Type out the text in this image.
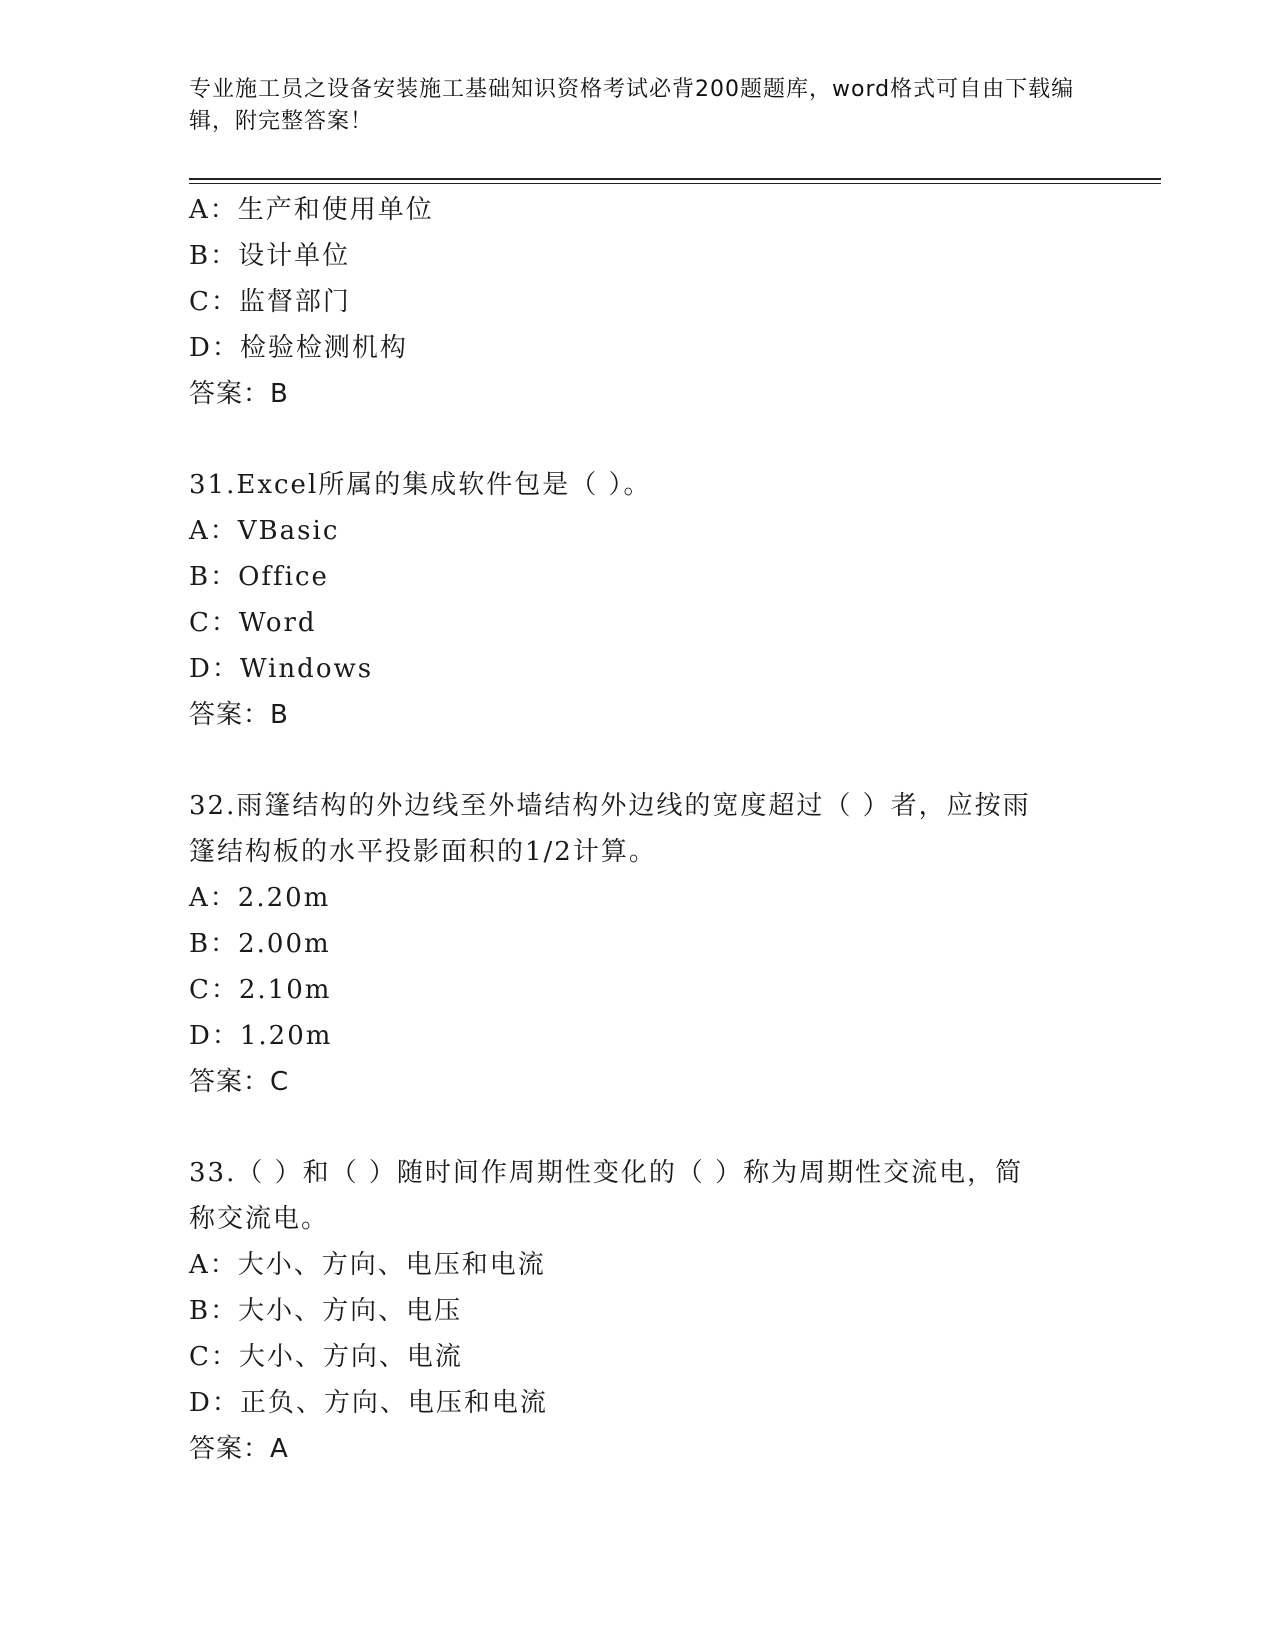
专业施工员之设备安装施工基础知识资格考试必背200题题库，word格式可自由下载编辑，附完整答案！
A：生产和使用单位
B：设计单位
C：监督部门
D：检验检测机构
答案：B
31.Excel所属的集成软件包是（ ）。
A：VBasic
B：Office
C：Word
D：Windows
答案：B
32.雨篷结构的外边线至外墙结构外边线的宽度超过（ ）者，应按雨
篷结构板的水平投影面积的1/2计算。
A：2.20m
B：2.00m
C：2.10m
D：1.20m
答案：C
33.（ ）和（ ）随时间作周期性变化的（ ）称为周期性交流电，简
称交流电。
A：大小、方向、电压和电流
B：大小、方向、电压
C：大小、方向、电流
D：正负、方向、电压和电流
答案：A
